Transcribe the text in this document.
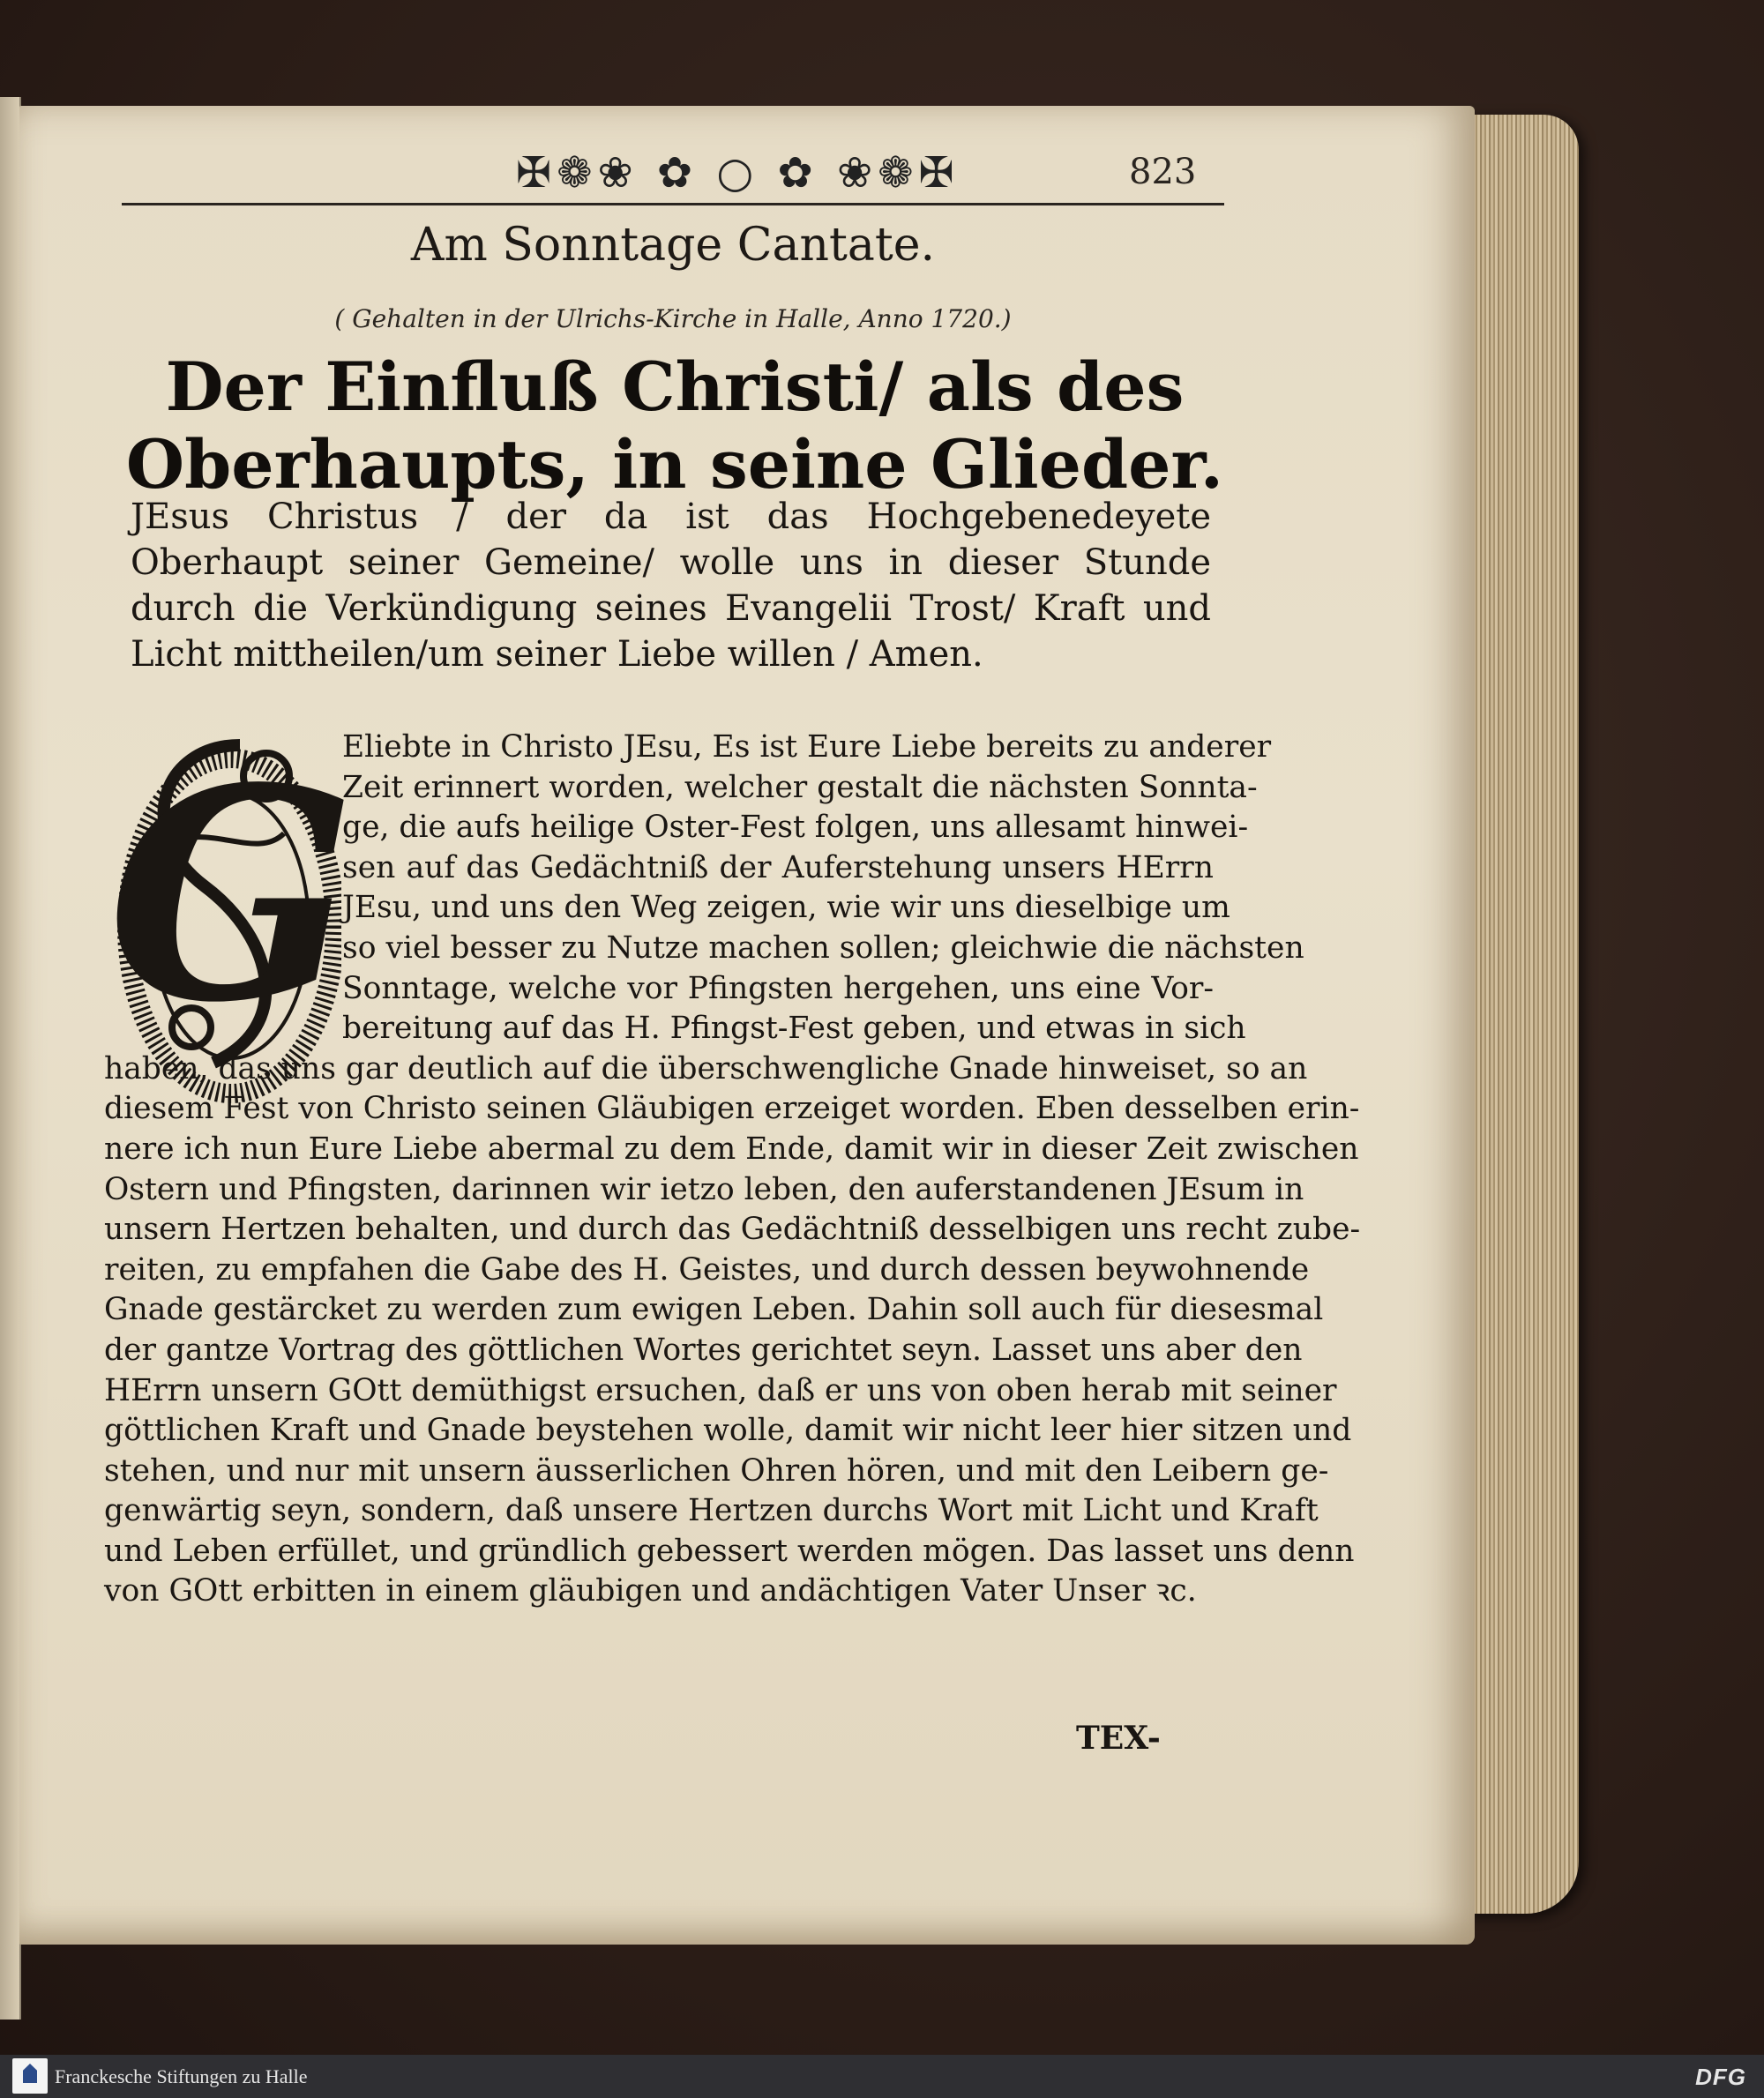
✠❁❀ ✿ ○ ✿ ❀❁✠	823
Am Sonntage Cantate.
( Gehalten in der Ulrichs-Kirche in Halle, Anno 1720.)
Der Einfluß Christi/ als des Oberhaupts, in seine Glieder.
JEsus Christus / der da ist das Hochgebenedeyete Oberhaupt seiner Gemeine/ wolle uns in dieser Stunde durch die Verkündigung seines Evangelii Trost/ Kraft und Licht mittheilen/um seiner Liebe willen / Amen.
G
Eliebte in Christo JEsu, Es ist Eure Liebe bereits zu anderer
Zeit erinnert worden, welcher gestalt die nächsten Sonnta-
ge, die aufs heilige Oster-Fest folgen, uns allesamt hinwei-
sen auf das Gedächtniß der Auferstehung unsers HErrn
JEsu, und uns den Weg zeigen, wie wir uns dieselbige um
so viel besser zu Nutze machen sollen; gleichwie die nächsten
Sonntage, welche vor Pfingsten hergehen, uns eine Vor-
bereitung auf das H. Pfingst-Fest geben, und etwas in sich
haben, das uns gar deutlich auf die überschwengliche Gnade hinweiset, so an
diesem Fest von Christo seinen Gläubigen erzeiget worden. Eben desselben erin-
nere ich nun Eure Liebe abermal zu dem Ende, damit wir in dieser Zeit zwischen
Ostern und Pfingsten, darinnen wir ietzo leben, den auferstandenen JEsum in
unsern Hertzen behalten, und durch das Gedächtniß desselbigen uns recht zube-
reiten, zu empfahen die Gabe des H. Geistes, und durch dessen beywohnende
Gnade gestärcket zu werden zum ewigen Leben. Dahin soll auch für diesesmal
der gantze Vortrag des göttlichen Wortes gerichtet seyn. Lasset uns aber den
HErrn unsern GOtt demüthigst ersuchen, daß er uns von oben herab mit seiner
göttlichen Kraft und Gnade beystehen wolle, damit wir nicht leer hier sitzen und
stehen, und nur mit unsern äusserlichen Ohren hören, und mit den Leibern ge-
genwärtig seyn, sondern, daß unsere Hertzen durchs Wort mit Licht und Kraft
und Leben erfüllet, und gründlich gebessert werden mögen. Das lasset uns denn
von GOtt erbitten in einem gläubigen und andächtigen Vater Unser ꝛc.
TEX-
Franckesche Stiftungen zu Halle	DFG
